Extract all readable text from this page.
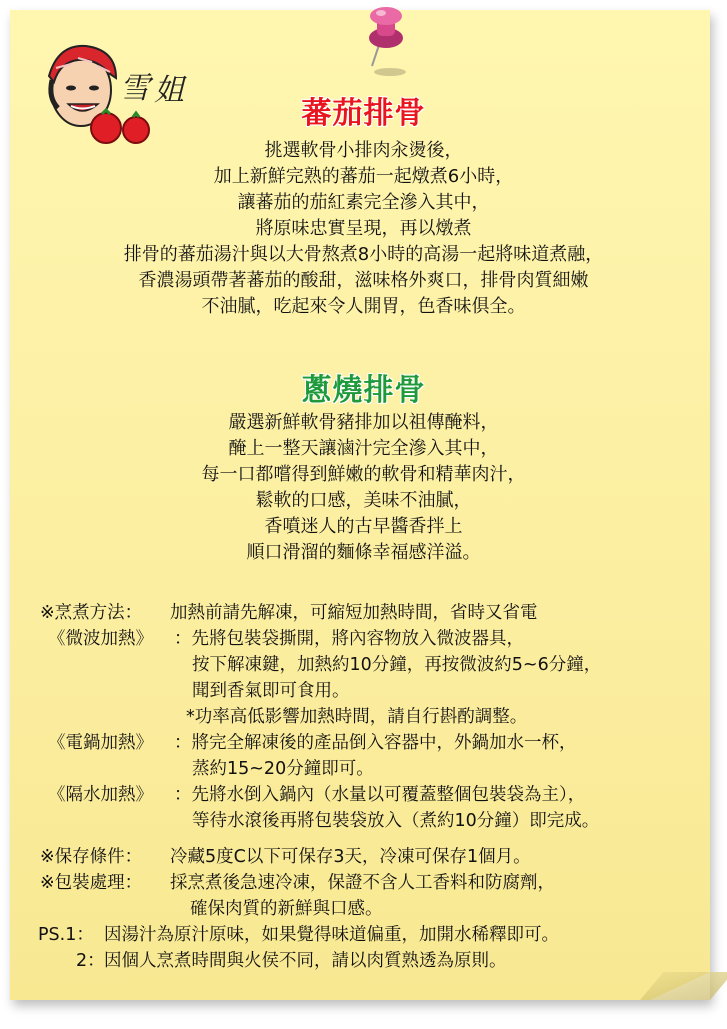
雪 姐
蕃茄排骨
挑選軟骨小排肉汆燙後，
加上新鮮完熟的蕃茄一起燉煮6小時，
讓蕃茄的茄紅素完全滲入其中，
將原味忠實呈現，再以燉煮
排骨的蕃茄湯汁與以大骨熬煮8小時的高湯一起將味道煮融，
香濃湯頭帶著蕃茄的酸甜，滋味格外爽口，排骨肉質細嫩
不油膩，吃起來令人開胃，色香味俱全。
蔥燒排骨
嚴選新鮮軟骨豬排加以祖傳醃料，
醃上一整天讓滷汁完全滲入其中，
每一口都嚐得到鮮嫩的軟骨和精華肉汁，
鬆軟的口感，美味不油膩，
香噴迷人的古早醬香拌上
順口滑溜的麵條幸福感洋溢。
※烹煮方法： 加熱前請先解凍，可縮短加熱時間，省時又省電
《微波加熱》 ：先將包裝袋撕開，將內容物放入微波器具，
按下解凍鍵，加熱約10分鐘，再按微波約5~6分鐘，
聞到香氣即可食用。
*功率高低影響加熱時間，請自行斟酌調整。
《電鍋加熱》 ：將完全解凍後的產品倒入容器中，外鍋加水一杯，
蒸約15~20分鐘即可。
《隔水加熱》 ：先將水倒入鍋內（水量以可覆蓋整個包裝袋為主），
等待水滾後再將包裝袋放入（煮約10分鐘）即完成。
※保存條件： 冷藏5度C以下可保存3天，冷凍可保存1個月。
※包裝處理： 採烹煮後急速冷凍，保證不含人工香料和防腐劑，
確保肉質的新鮮與口感。
PS.1： 因湯汁為原汁原味，如果覺得味道偏重，加開水稀釋即可。
2： 因個人烹煮時間與火侯不同，請以肉質熟透為原則。
